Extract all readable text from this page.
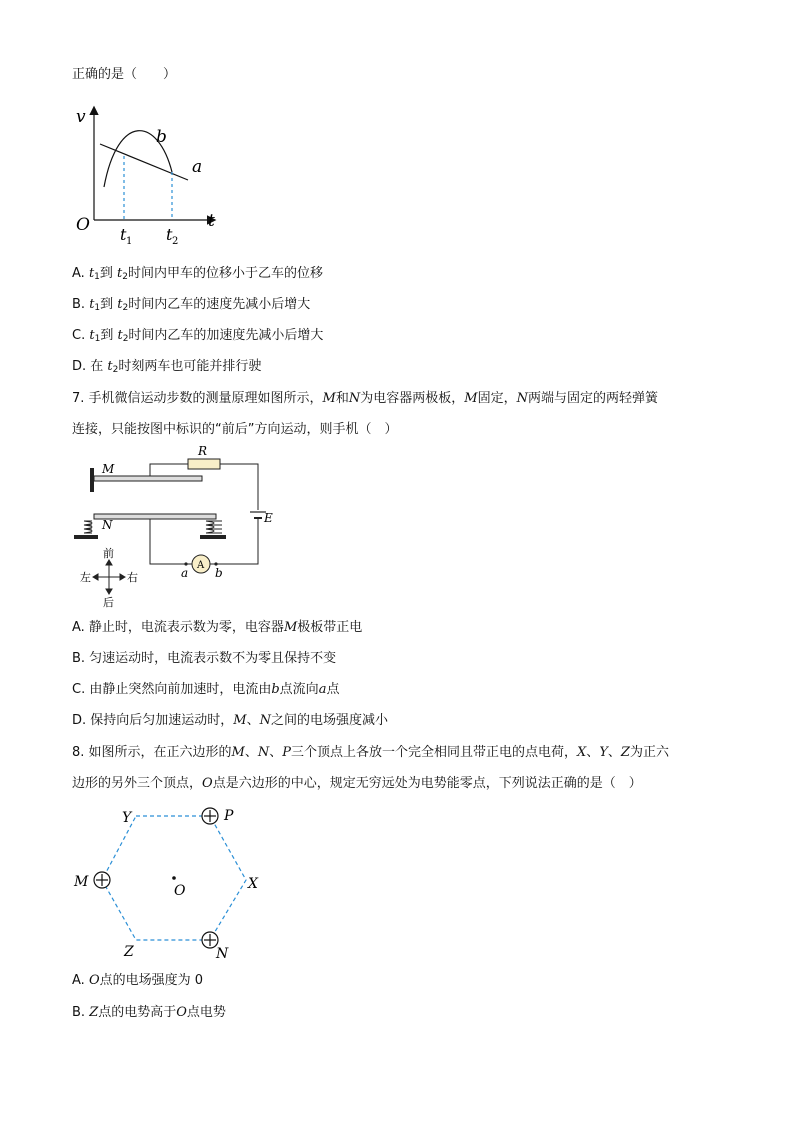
正确的是（　　）
v
b
a
O	t
t 1 t 2
A. $t_1$到 $t_2$时间内甲车的位移小于乙车的位移
B. $t_1$到 $t_2$时间内乙车的速度先减小后增大
C. $t_1$到 $t_2$时间内乙车的加速度先减小后增大
D. 在 $t_2$时刻两车也可能并排行驶
7. 手机微信运动步数的测量原理如图所示，M和N为电容器两极板，M固定，N两端与固定的两轻弹簧
连接，只能按图中标识的“前后”方向运动，则手机（　）
M
N
R
E
A
a b
前
后
左	右
A. 静止时，电流表示数为零，电容器M极板带正电
B. 匀速运动时，电流表示数不为零且保持不变
C. 由静止突然向前加速时，电流由b点流向a点
D. 保持向后匀加速运动时，M、N之间的电场强度减小
8. 如图所示，在正六边形的M、N、P三个顶点上各放一个完全相同且带正电的点电荷，X、Y、Z为正六
边形的另外三个顶点，O点是六边形的中心，规定无穷远处为电势能零点，下列说法正确的是（　）
Y	P
M
O	X
Z	N
A. O点的电场强度为 0
B. Z点的电势高于O点电势
